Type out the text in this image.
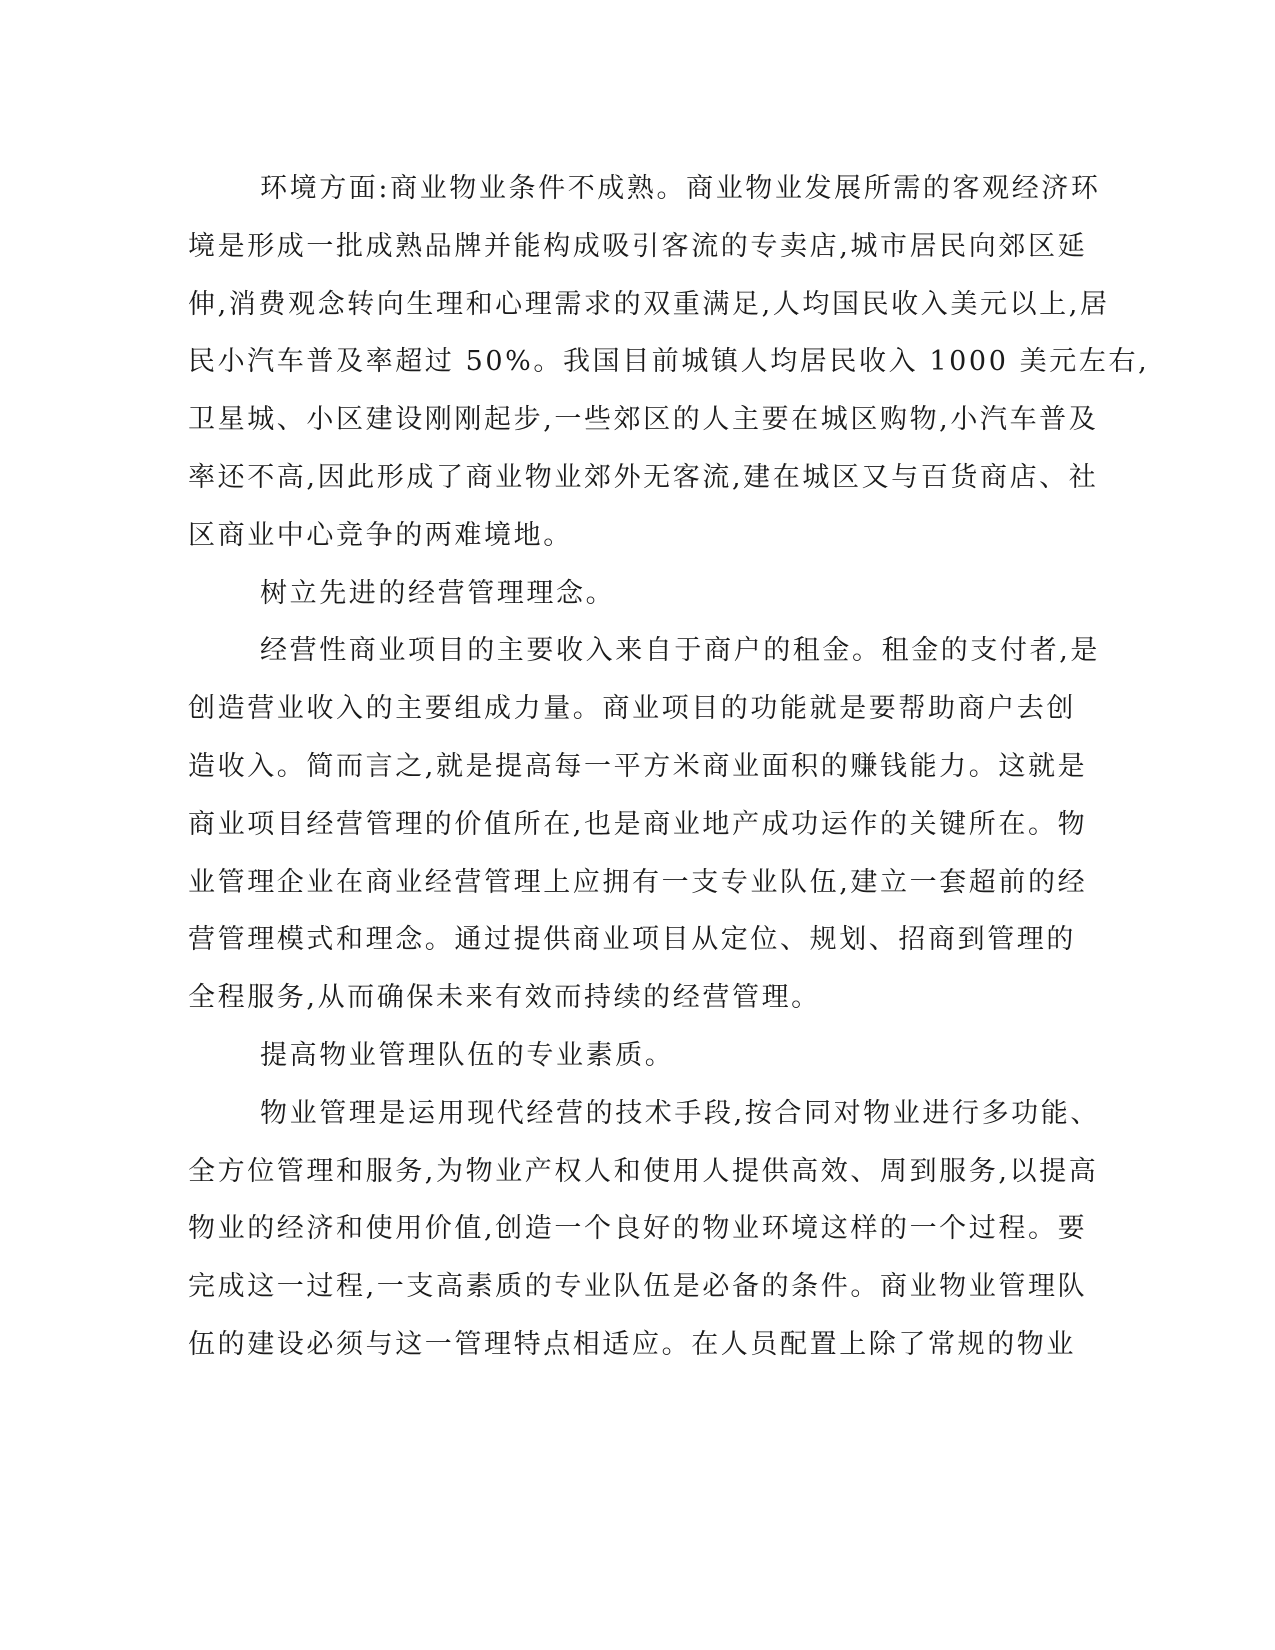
环境方面:商业物业条件不成熟。商业物业发展所需的客观经济环
境是形成一批成熟品牌并能构成吸引客流的专卖店,城市居民向郊区延
伸,消费观念转向生理和心理需求的双重满足,人均国民收入美元以上,居
民小汽车普及率超过 50%。我国目前城镇人均居民收入 1000 美元左右,
卫星城、小区建设刚刚起步,一些郊区的人主要在城区购物,小汽车普及
率还不高,因此形成了商业物业郊外无客流,建在城区又与百货商店、社
区商业中心竞争的两难境地。
树立先进的经营管理理念。
经营性商业项目的主要收入来自于商户的租金。租金的支付者,是
创造营业收入的主要组成力量。商业项目的功能就是要帮助商户去创
造收入。简而言之,就是提高每一平方米商业面积的赚钱能力。这就是
商业项目经营管理的价值所在,也是商业地产成功运作的关键所在。物
业管理企业在商业经营管理上应拥有一支专业队伍,建立一套超前的经
营管理模式和理念。通过提供商业项目从定位、规划、招商到管理的
全程服务,从而确保未来有效而持续的经营管理。
提高物业管理队伍的专业素质。
物业管理是运用现代经营的技术手段,按合同对物业进行多功能、
全方位管理和服务,为物业产权人和使用人提供高效、周到服务,以提高
物业的经济和使用价值,创造一个良好的物业环境这样的一个过程。要
完成这一过程,一支高素质的专业队伍是必备的条件。商业物业管理队
伍的建设必须与这一管理特点相适应。在人员配置上除了常规的物业
